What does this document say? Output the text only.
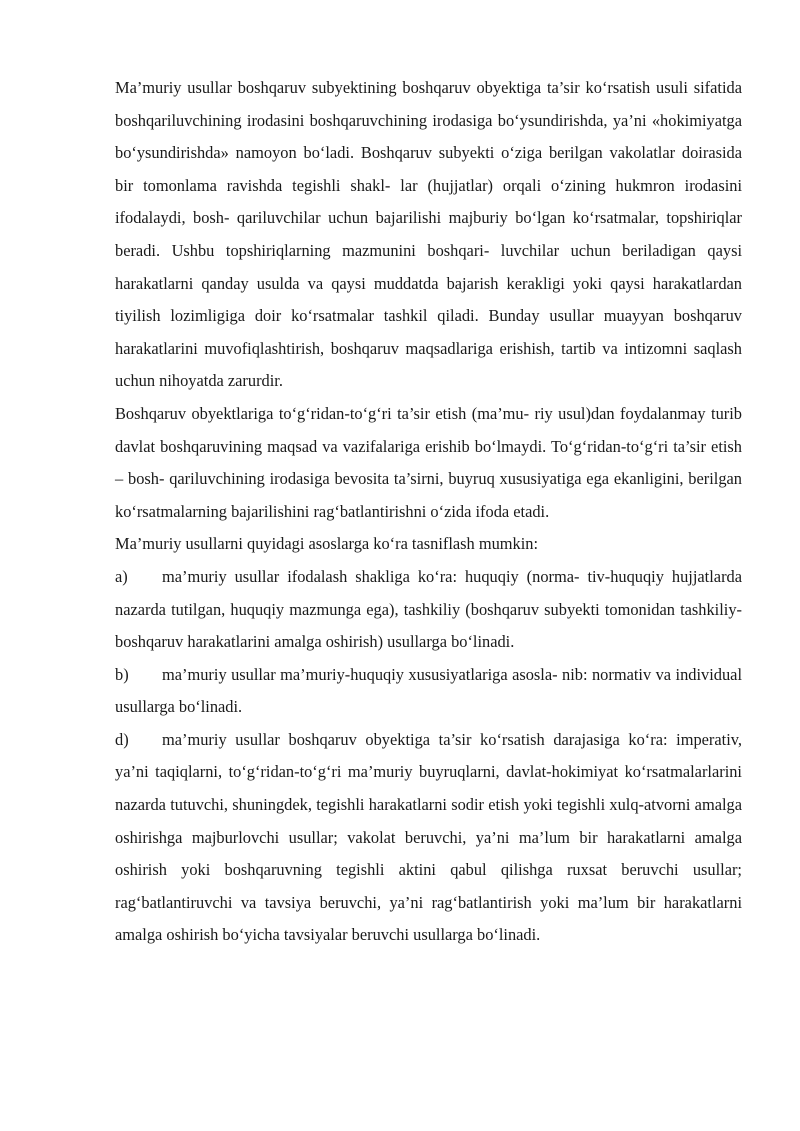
Ma’muriy usullar boshqaruv subyektining boshqaruv obyektiga ta’sir ko‘rsatish usuli sifatida boshqariluvchining irodasini boshqaruvchining irodasiga bo‘ysundirishda, ya’ni «hokimiyatga bo‘ysundirishda» namoyon bo‘ladi. Boshqaruv subyekti o‘ziga berilgan vakolatlar doirasida bir tomonlama ravishda tegishli shakl- lar (hujjatlar) orqali o‘zining hukmron irodasini ifodalaydi, bosh- qariluvchilar uchun bajarilishi majburiy bo‘lgan ko‘rsatmalar, topshiriqlar beradi. Ushbu topshiriqlarning mazmunini boshqari- luvchilar uchun beriladigan qaysi harakatlarni qanday usulda va qaysi muddatda bajarish kerakligi yoki qaysi harakatlardan tiyilish lozimligiga doir ko‘rsatmalar tashkil qiladi. Bunday usullar muayyan boshqaruv harakatlarini muvofiqlashtirish, boshqaruv maqsadlariga erishish, tartib va intizomni saqlash uchun nihoyatda zarurdir.

Boshqaruv obyektlariga to‘g‘ridan-to‘g‘ri ta’sir etish (ma’mu- riy usul)dan foydalanmay turib davlat boshqaruvining maqsad va vazifalariga erishib bo‘lmaydi. To‘g‘ridan-to‘g‘ri ta’sir etish – bosh- qariluvchining irodasiga bevosita ta’sirni, buyruq xususiyatiga ega ekanligini, berilgan ko‘rsatmalarning bajarilishini rag‘batlantirishni o‘zida ifoda etadi.

Ma’muriy usullarni quyidagi asoslarga ko‘ra tasniflash mumkin:

a) ma’muriy usullar ifodalash shakliga ko‘ra: huquqiy (norma- tiv-huquqiy hujjatlarda nazarda tutilgan, huquqiy mazmunga ega), tashkiliy (boshqaruv subyekti tomonidan tashkiliy-boshqaruv harakatlarini amalga oshirish) usullarga bo‘linadi.

b) ma’muriy usullar ma’muriy-huquqiy xususiyatlariga asosla- nib: normativ va individual usullarga bo‘linadi.

d) ma’muriy usullar boshqaruv obyektiga ta’sir ko‘rsatish darajasiga ko‘ra: imperativ, ya’ni taqiqlarni, to‘g‘ridan-to‘g‘ri ma’muriy buyruqlarni, davlat-hokimiyat ko‘rsatmalarlarini nazarda tutuvchi, shuningdek, tegishli harakatlarni sodir etish yoki tegishli xulq-atvorni amalga oshirishga majburlovchi usullar; vakolat beruvchi, ya’ni ma’lum bir harakatlarni amalga oshirish yoki boshqaruvning tegishli aktini qabul qilishga ruxsat beruvchi usullar; rag‘batlantiruvchi va tavsiya beruvchi, ya’ni rag‘batlantirish yoki ma’lum bir harakatlarni amalga oshirish bo‘yicha tavsiyalar beruvchi usullarga bo‘linadi.
